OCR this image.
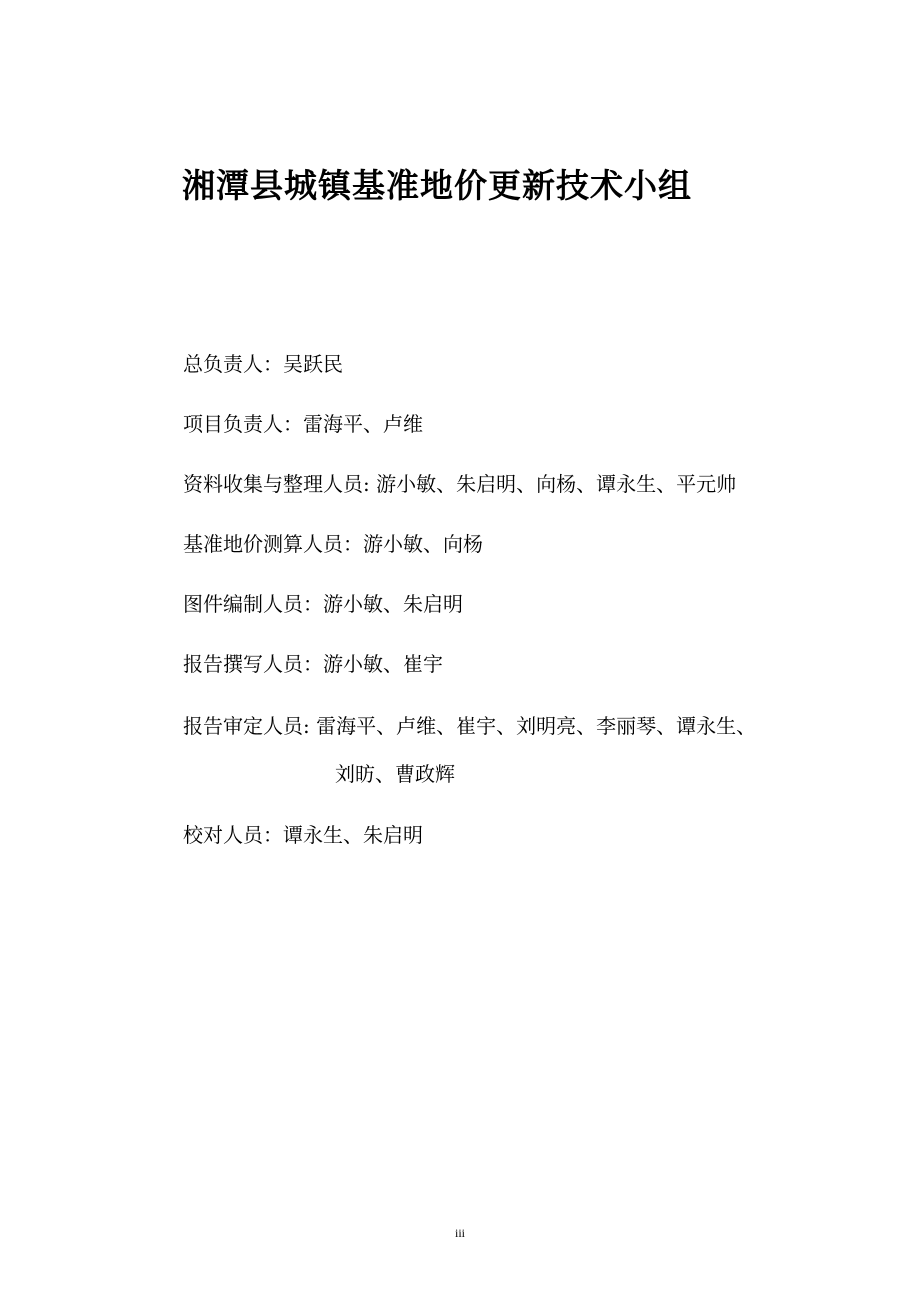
湘潭县城镇基准地价更新技术小组
总负责人：吴跃民
项目负责人：雷海平、卢维
资料收集与整理人员: 游小敏、朱启明、向杨、谭永生、平元帅
基准地价测算人员：游小敏、向杨
图件编制人员：游小敏、朱启明
报告撰写人员：游小敏、崔宇
报告审定人员: 雷海平、卢维、崔宇、刘明亮、李丽琴、谭永生、
刘昉、曹政辉
校对人员：谭永生、朱启明
iii
